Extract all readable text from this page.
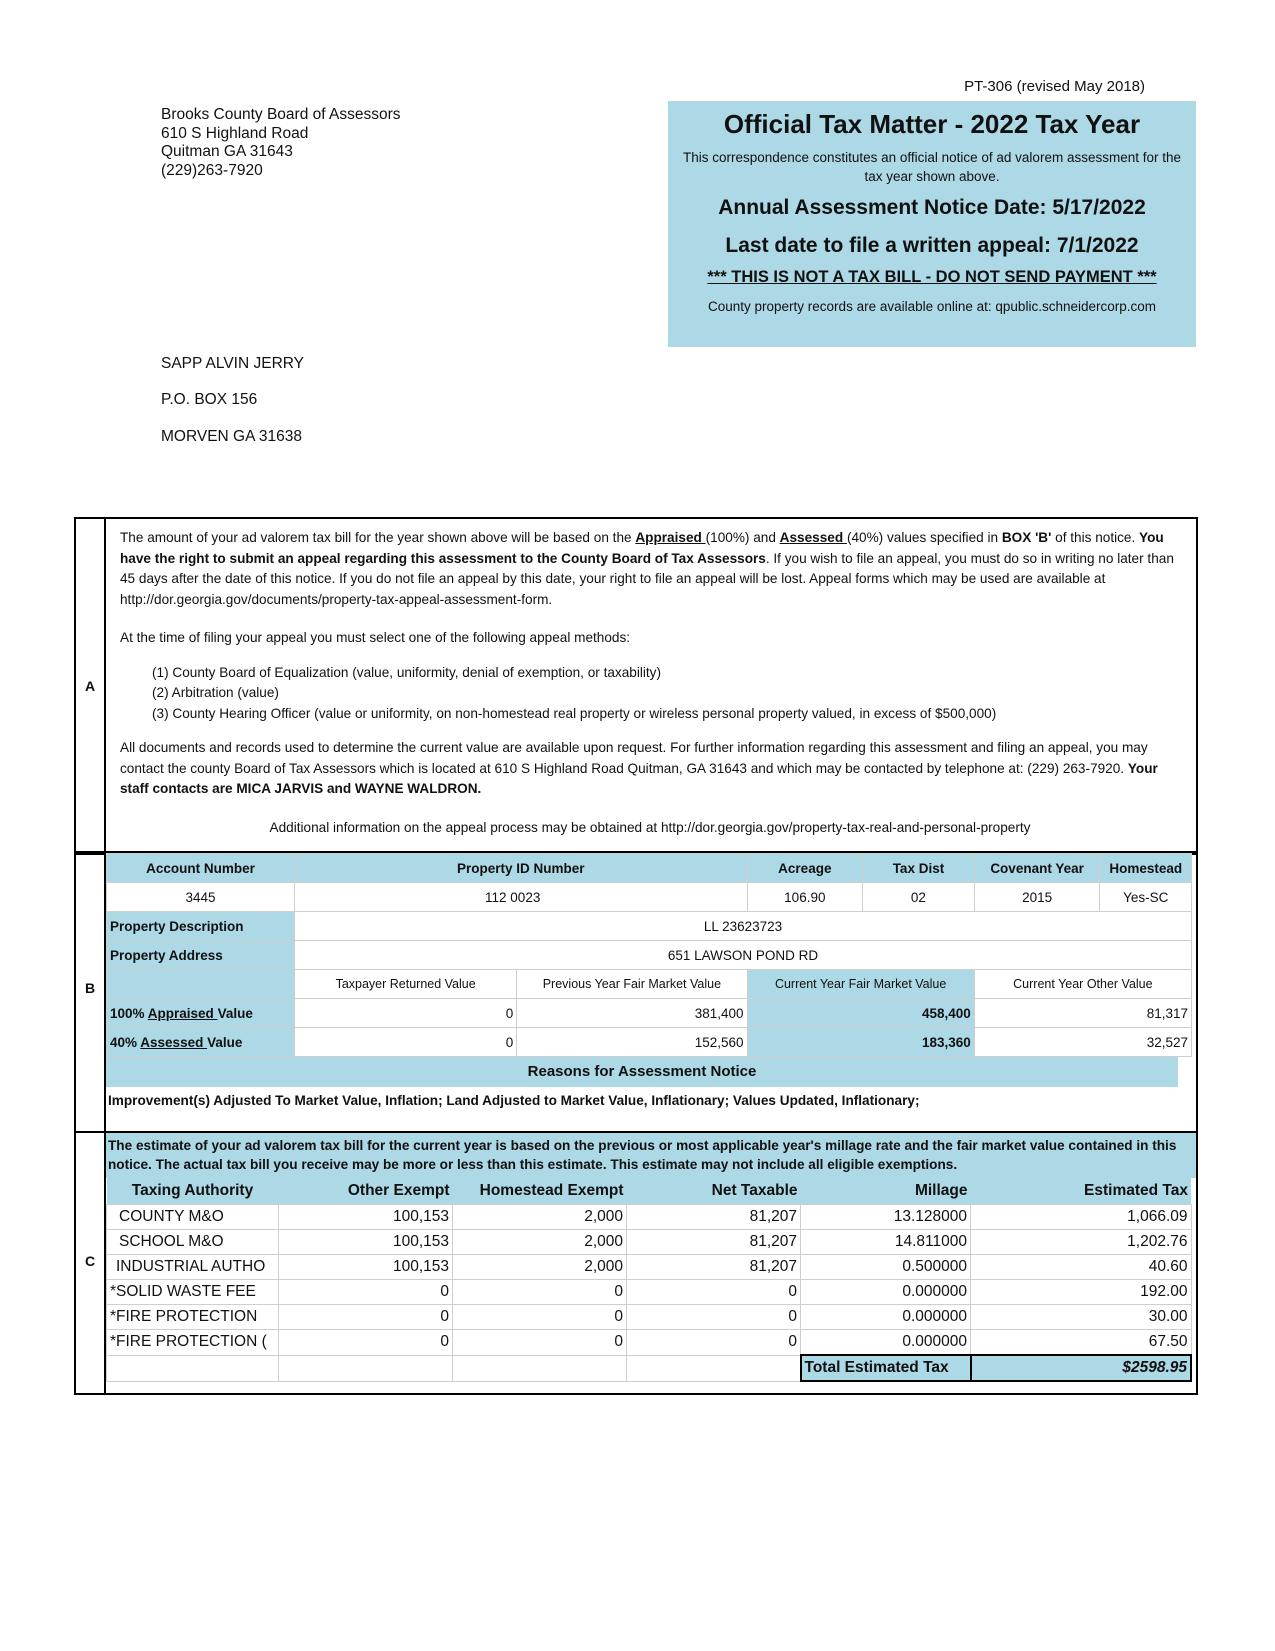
PT-306 (revised May 2018)
Brooks County Board of Assessors
610 S Highland Road
Quitman GA 31643
(229)263-7920
Official Tax Matter - 2022 Tax Year
This correspondence constitutes an official notice of ad valorem assessment for the tax year shown above.
Annual Assessment Notice Date: 5/17/2022
Last date to file a written appeal: 7/1/2022
*** THIS IS NOT A TAX BILL - DO NOT SEND PAYMENT ***
County property records are available online at: qpublic.schneidercorp.com
SAPP ALVIN JERRY
P.O. BOX 156
MORVEN GA 31638
A

The amount of your ad valorem tax bill for the year shown above will be based on the Appraised (100%) and Assessed (40%) values specified in BOX 'B' of this notice. You have the right to submit an appeal regarding this assessment to the County Board of Tax Assessors. If you wish to file an appeal, you must do so in writing no later than 45 days after the date of this notice. If you do not file an appeal by this date, your right to file an appeal will be lost. Appeal forms which may be used are available at http://dor.georgia.gov/documents/property-tax-appeal-assessment-form.

At the time of filing your appeal you must select one of the following appeal methods:

(1) County Board of Equalization (value, uniformity, denial of exemption, or taxability)
(2) Arbitration (value)
(3) County Hearing Officer (value or uniformity, on non-homestead real property or wireless personal property valued, in excess of $500,000)

All documents and records used to determine the current value are available upon request. For further information regarding this assessment and filing an appeal, you may contact the county Board of Tax Assessors which is located at 610 S Highland Road Quitman, GA 31643 and which may be contacted by telephone at: (229) 263-7920. Your staff contacts are MICA JARVIS and WAYNE WALDRON.

Additional information on the appeal process may be obtained at http://dor.georgia.gov/property-tax-real-and-personal-property

B
Account Number	Property ID Number		Acreage	Tax Dist	Covenant Year	Homestead
3445	112 0023		106.90	02	2015	Yes-SC
Property Description	LL 23623723					
Property Address	651 LAWSON POND RD					
	Taxpayer Returned Value	Previous Year Fair Market Value	Current Year Fair Market Value		Current Year Other Value	
100% Appraised Value	0	381,400	458,400		81,317	
40% Assessed Value	0	152,560	183,360		32,527	
Reasons for Assessment Notice
Improvement(s) Adjusted To Market Value, Inflation; Land Adjusted to Market Value, Inflationary; Values Updated, Inflationary;
C
The estimate of your ad valorem tax bill for the current year is based on the previous or most applicable year's millage rate and the fair market value contained in this notice. The actual tax bill you receive may be more or less than this estimate. This estimate may not include all eligible exemptions.
Taxing Authority	Other Exempt	Homestead Exempt	Net Taxable	Millage	Estimated Tax
COUNTY M&O	100,153	2,000	81,207	13.128000	1,066.09
SCHOOL M&O	100,153	2,000	81,207	14.811000	1,202.76
INDUSTRIAL AUTHO	100,153	2,000	81,207	0.500000	40.60
*SOLID WASTE FEE	0	0	0	0.000000	192.00
*FIRE PROTECTION	0	0	0	0.000000	30.00
*FIRE PROTECTION (	0	0	0	0.000000	67.50
				Total Estimated Tax	$2598.95
